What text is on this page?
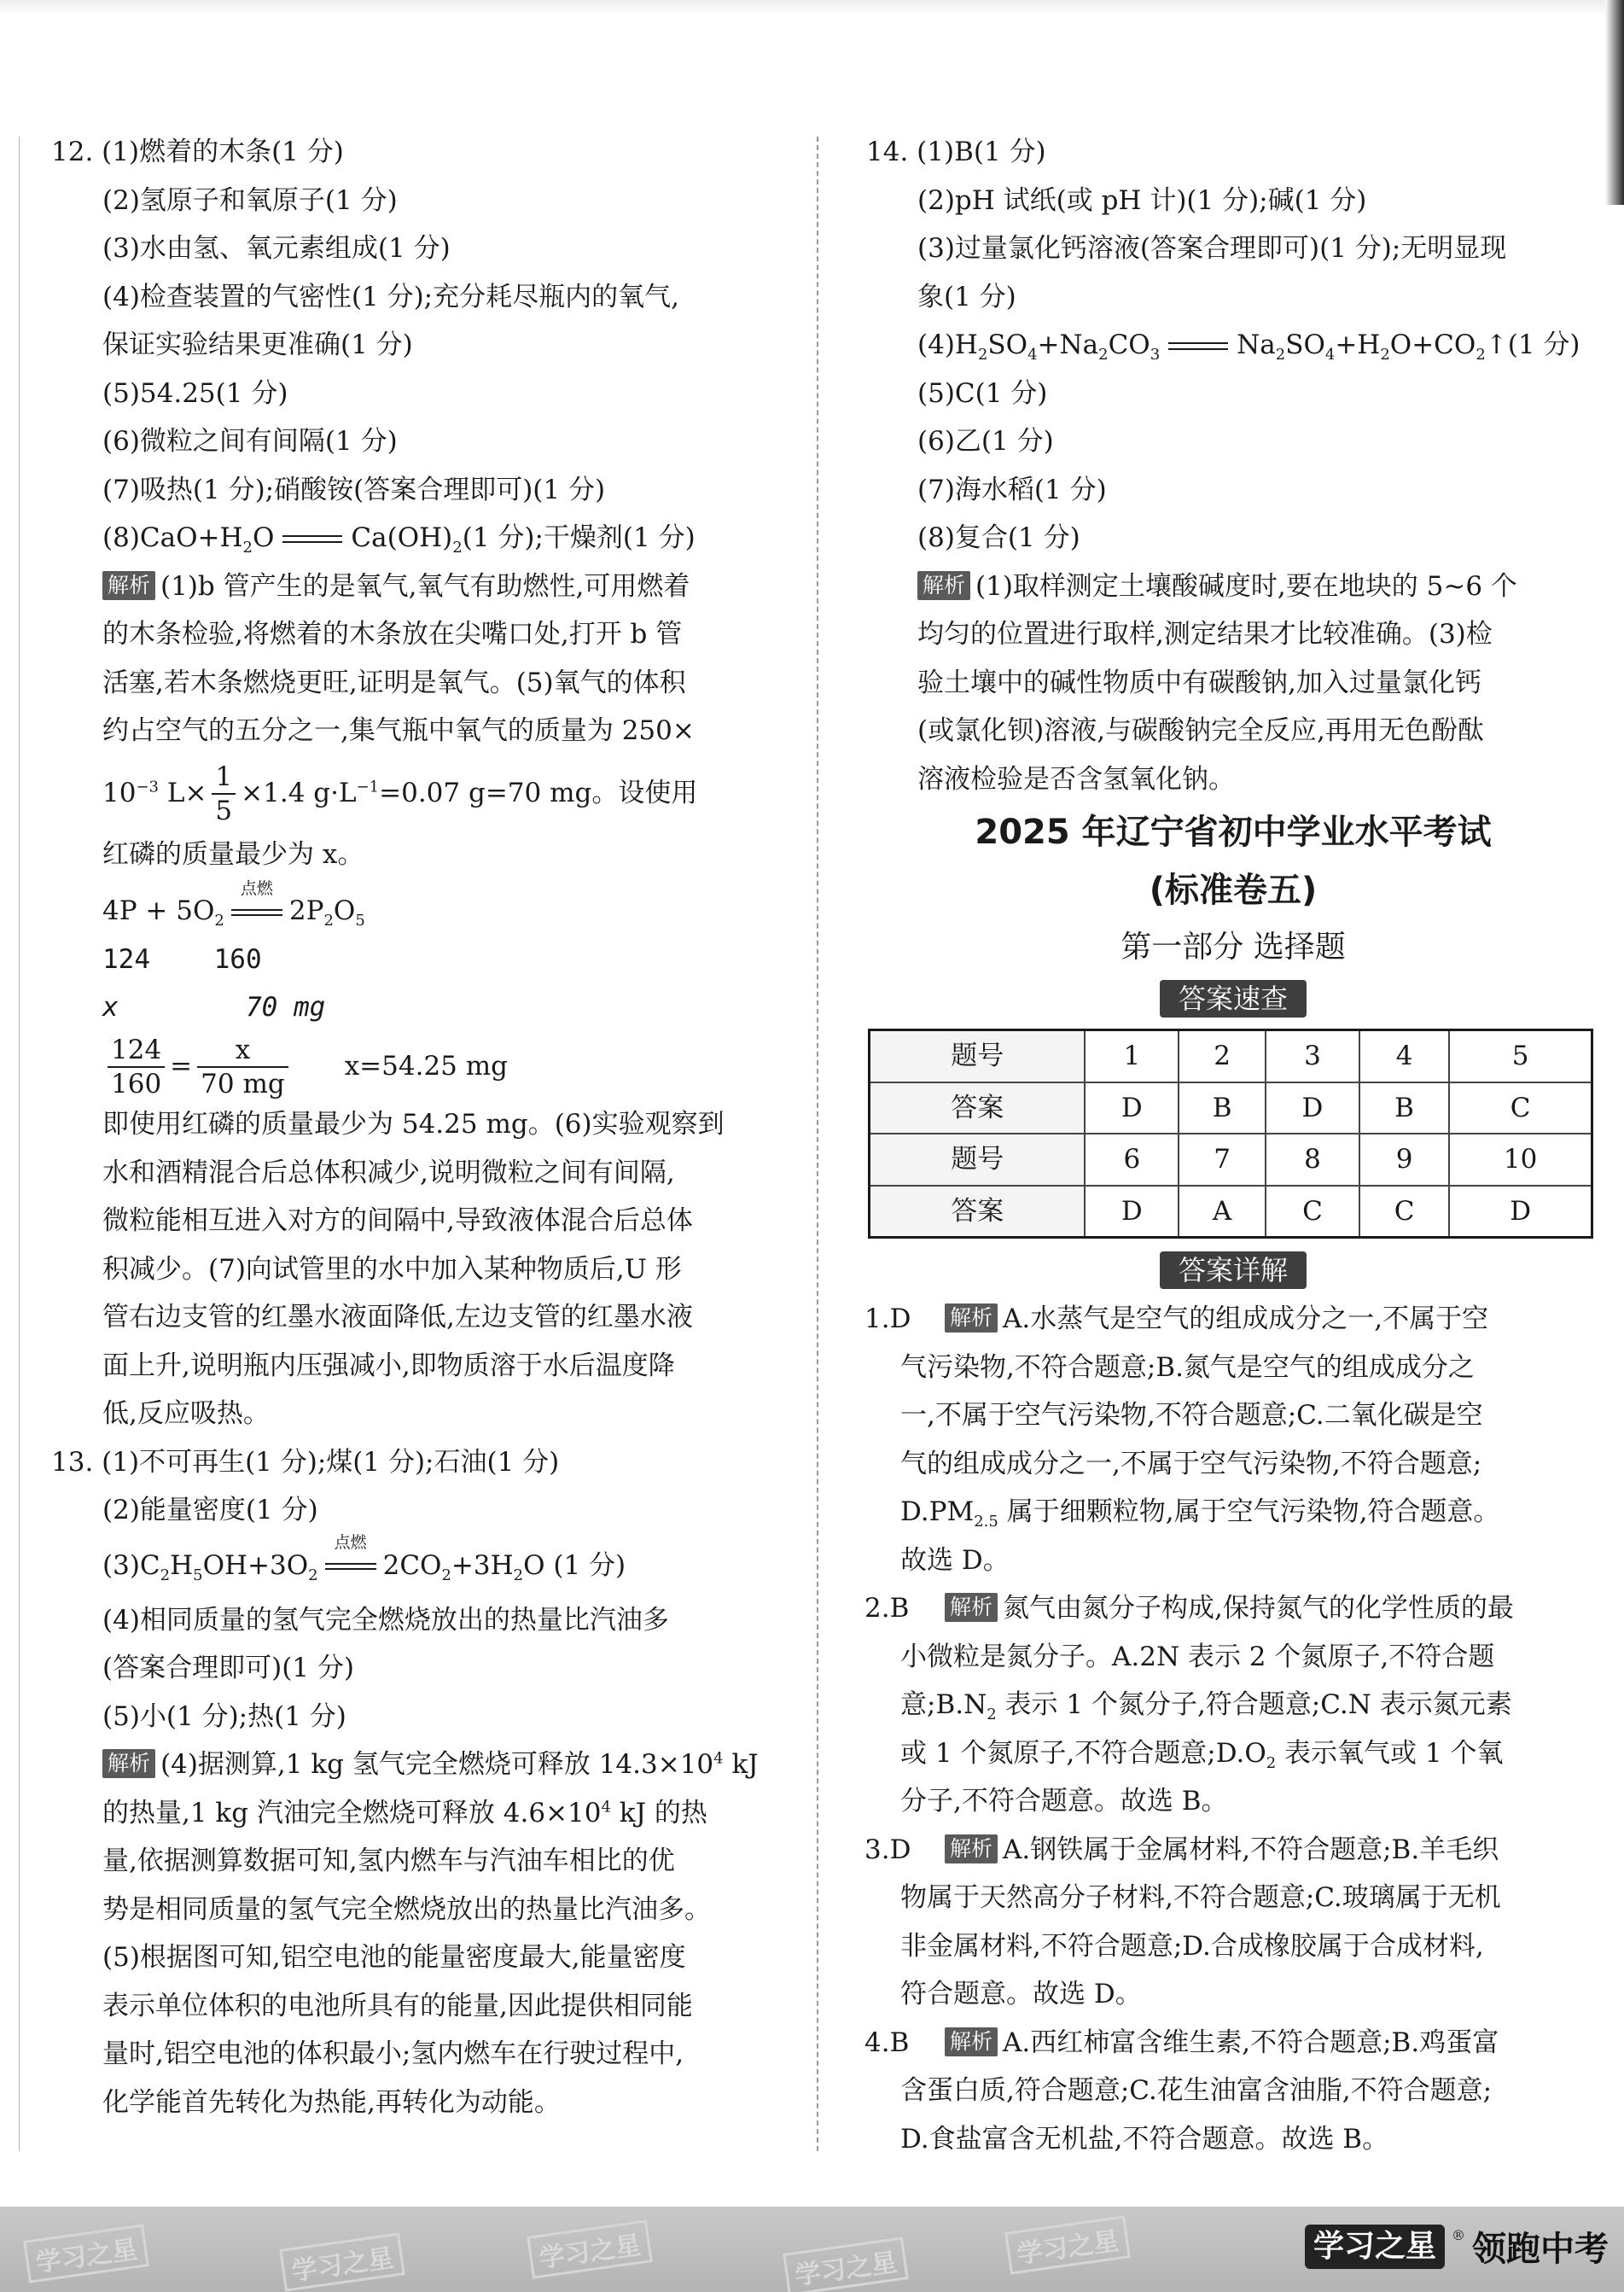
12. (1)燃着的木条(1 分)
(2)氢原子和氧原子(1 分)
(3)水由氢、氧元素组成(1 分)
(4)检查装置的气密性(1 分);充分耗尽瓶内的氧气,
保证实验结果更准确(1 分)
(5)54.25(1 分)
(6)微粒之间有间隔(1 分)
(7)吸热(1 分);硝酸铵(答案合理即可)(1 分)
$(8)CaO+H_2O$	$Ca(OH)_2(1$ 分);干燥剂(1 分)
解析 (1)b 管产生的是氧气,氧气有助燃性,可用燃着
的木条检验,将燃着的木条放在尖嘴口处,打开 b 管
活塞,若木条燃烧更旺,证明是氧气。(5)氧气的体积
约占空气的五分之一,集气瓶中氧气的质量为 250×
$10^{-3}$ $L\times \frac{1}{5} \times 1.4$ $g\cdot L^{-1}=0.07$ g=70 mg。设使用
红磷的质量最少为 x。
$4P + 5O_2$
点燃
$2P_2O_5$
124    160
x        70 mg
$\frac{124}{160} = \frac{x}{70 mg} x=54.25$ mg
即使用红磷的质量最少为 54.25 mg。(6)实验观察到
水和酒精混合后总体积减少,说明微粒之间有间隔,
微粒能相互进入对方的间隔中,导致液体混合后总体
积减少。(7)向试管里的水中加入某种物质后,U 形
管右边支管的红墨水液面降低,左边支管的红墨水液
面上升,说明瓶内压强减小,即物质溶于水后温度降
低,反应吸热。
13. (1)不可再生(1 分);煤(1 分);石油(1 分)
(2)能量密度(1 分)
$(3)C_2H_5OH+3O_2$
点燃
$2CO_2+3H_2O$ (1 分)
(4)相同质量的氢气完全燃烧放出的热量比汽油多
(答案合理即可)(1 分)
(5)小(1 分);热(1 分)
解析 (4)据测算,1 kg 氢气完全燃烧可释放 $14.3\times 10^4$ kJ
的热量,1 kg 汽油完全燃烧可释放 $4.6\times 10^4$ kJ 的热
量,依据测算数据可知,氢内燃车与汽油车相比的优
势是相同质量的氢气完全燃烧放出的热量比汽油多。
(5)根据图可知,铝空电池的能量密度最大,能量密度
表示单位体积的电池所具有的能量,因此提供相同能
量时,铝空电池的体积最小;氢内燃车在行驶过程中,
化学能首先转化为热能,再转化为动能。
14. (1)B(1 分)
(2)pH 试纸(或 pH 计)(1 分);碱(1 分)
(3)过量氯化钙溶液(答案合理即可)(1 分);无明显现
象(1 分)
$(4)H_2SO_4+Na_2CO_3$	$Na_2SO_4+H_2O+CO_2↑(1$ 分)
(5)C(1 分)
(6)乙(1 分)
(7)海水稻(1 分)
(8)复合(1 分)
解析 (1)取样测定土壤酸碱度时,要在地块的 5~6 个
均匀的位置进行取样,测定结果才比较准确。(3)检
验土壤中的碱性物质中有碳酸钠,加入过量氯化钙
(或氯化钡)溶液,与碳酸钠完全反应,再用无色酚酞
溶液检验是否含氢氧化钠。
2025 年辽宁省初中学业水平考试
(标准卷五)
第一部分 选择题
答案速查
题号	1	2	3	4	5
答案	D	B	D	B	C
题号	6	7	8	9	10
答案	D	A	C	C	D
答案详解
1.D	解析 A.水蒸气是空气的组成成分之一,不属于空
气污染物,不符合题意;B.氮气是空气的组成成分之
一,不属于空气污染物,不符合题意;C.二氧化碳是空
气的组成成分之一,不属于空气污染物,不符合题意;
$D.PM_{2.5}$ 属于细颗粒物,属于空气污染物,符合题意。
故选 D。
2.B	解析 氮气由氮分子构成,保持氮气的化学性质的最
小微粒是氮分子。A.2N 表示 2 个氮原子,不符合题
意$;B.N_2$ 表示 1 个氮分子,符合题意;C.N 表示氮元素
或 1 个氮原子,不符合题意$;D.O_2$ 表示氧气或 1 个氧
分子,不符合题意。故选 B。
3.D	解析 A.钢铁属于金属材料,不符合题意;B.羊毛织
物属于天然高分子材料,不符合题意;C.玻璃属于无机
非金属材料,不符合题意;D.合成橡胶属于合成材料,
符合题意。故选 D。
4.B	解析 A.西红柿富含维生素,不符合题意;B.鸡蛋富
含蛋白质,符合题意;C.花生油富含油脂,不符合题意;
D.食盐富含无机盐,不符合题意。故选 B。
学习之星	学习之星	学习之星	学习之星	学习之星	学习之星	® 领跑中考
